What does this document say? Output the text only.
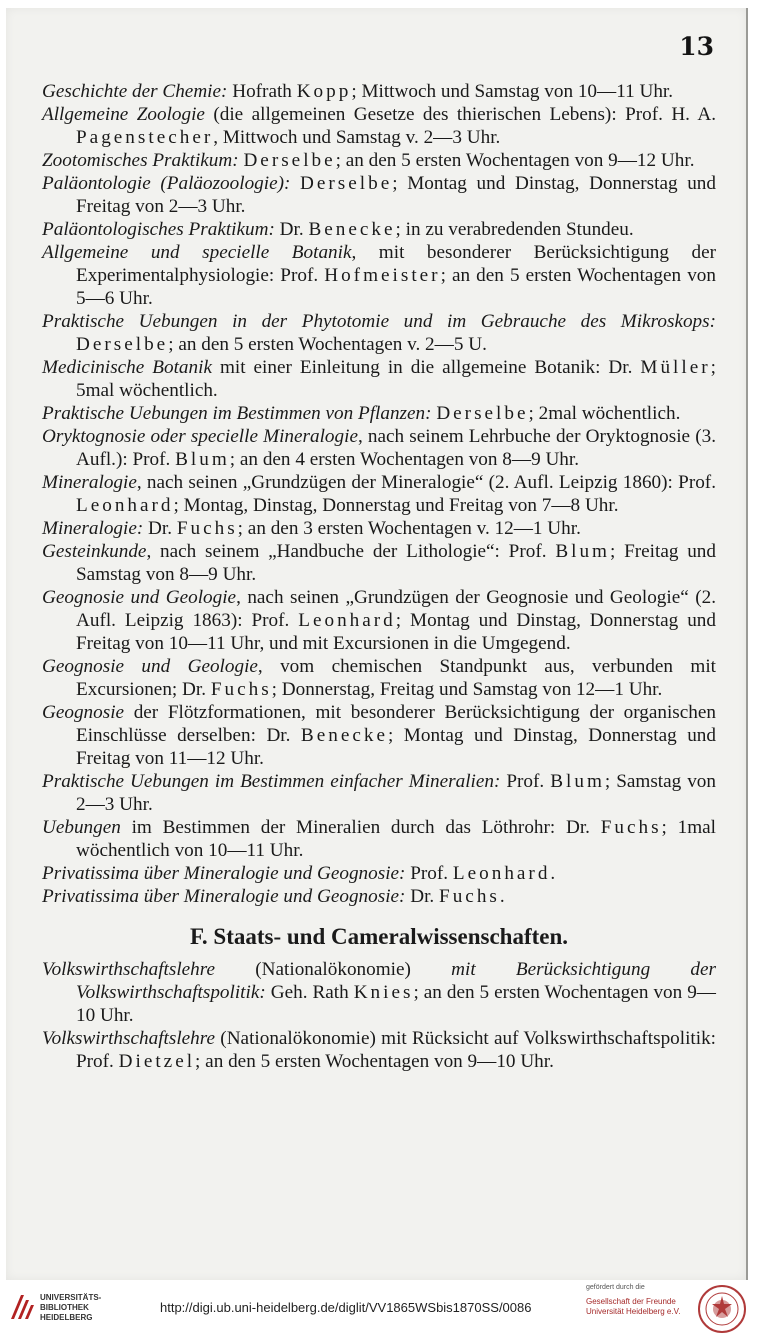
13

Geschichte der Chemie: Hofrath Kopp; Mittwoch und Samstag von 10—11 Uhr.

Allgemeine Zoologie (die allgemeinen Gesetze des thierischen Lebens): Prof. H. A. Pagenstecher, Mittwoch und Samstag v. 2—3 Uhr.

Zootomisches Praktikum: Derselbe; an den 5 ersten Wochentagen von 9—12 Uhr.

Paläontologie (Paläozoologie): Derselbe; Montag und Dinstag, Donnerstag und Freitag von 2—3 Uhr.

Paläontologisches Praktikum: Dr. Benecke; in zu verabredenden Stundeu.

Allgemeine und specielle Botanik, mit besonderer Berücksichtigung der Experimentalphysiologie: Prof. Hofmeister; an den 5 ersten Wochentagen von 5—6 Uhr.

Praktische Uebungen in der Phytotomie und im Gebrauche des Mikroskops: Derselbe; an den 5 ersten Wochentagen v. 2—5 U.

Medicinische Botanik mit einer Einleitung in die allgemeine Botanik: Dr. Müller; 5mal wöchentlich.

Praktische Uebungen im Bestimmen von Pflanzen: Derselbe; 2mal wöchentlich.

Oryktognosie oder specielle Mineralogie, nach seinem Lehrbuche der Oryktognosie (3. Aufl.): Prof. Blum; an den 4 ersten Wochentagen von 8—9 Uhr.

Mineralogie, nach seinen „Grundzügen der Mineralogie“ (2. Aufl. Leipzig 1860): Prof. Leonhard; Montag, Dinstag, Donnerstag und Freitag von 7—8 Uhr.

Mineralogie: Dr. Fuchs; an den 3 ersten Wochentagen v. 12—1 Uhr.

Gesteinkunde, nach seinem „Handbuche der Lithologie“: Prof. Blum; Freitag und Samstag von 8—9 Uhr.

Geognosie und Geologie, nach seinen „Grundzügen der Geognosie und Geologie“ (2. Aufl. Leipzig 1863): Prof. Leonhard; Montag und Dinstag, Donnerstag und Freitag von 10—11 Uhr, und mit Excursionen in die Umgegend.

Geognosie und Geologie, vom chemischen Standpunkt aus, verbunden mit Excursionen; Dr. Fuchs; Donnerstag, Freitag und Samstag von 12—1 Uhr.

Geognosie der Flötzformationen, mit besonderer Berücksichtigung der organischen Einschlüsse derselben: Dr. Benecke; Montag und Dinstag, Donnerstag und Freitag von 11—12 Uhr.

Praktische Uebungen im Bestimmen einfacher Mineralien: Prof. Blum; Samstag von 2—3 Uhr.

Uebungen im Bestimmen der Mineralien durch das Löthrohr: Dr. Fuchs; 1mal wöchentlich von 10—11 Uhr.

Privatissima über Mineralogie und Geognosie: Prof. Leonhard.

Privatissima über Mineralogie und Geognosie: Dr. Fuchs.

F. Staats- und Cameralwissenschaften.

Volkswirthschaftslehre (Nationalökonomie) mit Berücksichtigung der Volkswirthschaftspolitik: Geh. Rath Knies; an den 5 ersten Wochentagen von 9—10 Uhr.

Volkswirthschaftslehre (Nationalökonomie) mit Rücksicht auf Volkswirthschaftspolitik: Prof. Dietzel; an den 5 ersten Wochentagen von 9—10 Uhr.

UNIVERSITÄTS-
BIBLIOTHEK
HEIDELBERG
http://digi.ub.uni-heidelberg.de/diglit/VV1865WSbis1870SS/0086
gefördert durch die
Gesellschaft der Freunde
Universität Heidelberg e.V.
